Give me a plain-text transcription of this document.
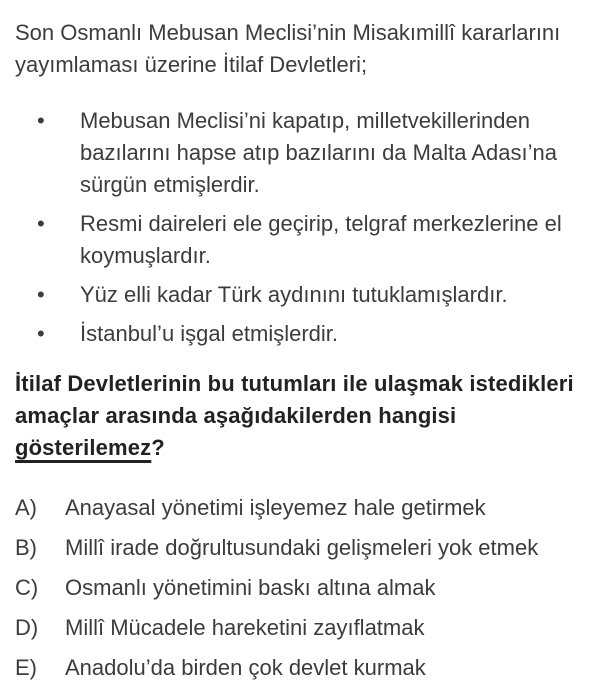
Son Osmanlı Mebusan Meclisi’nin Misakımillî kararlarını
yayımlaması üzerine İtilaf Devletleri;

•	Mebusan Meclisi’ni kapatıp, milletvekillerinden
bazılarını hapse atıp bazılarını da Malta Adası’na
sürgün etmişlerdir.
•	Resmi daireleri ele geçirip, telgraf merkezlerine el
koymuşlardır.
•	Yüz elli kadar Türk aydınını tutuklamışlardır.
•	İstanbul’u işgal etmişlerdir.

İtilaf Devletlerinin bu tutumları ile ulaşmak istedikleri
amaçlar arasında aşağıdakilerden hangisi
gösterilemez?

A)	Anayasal yönetimi işleyemez hale getirmek
B)	Millî irade doğrultusundaki gelişmeleri yok etmek
C)	Osmanlı yönetimini baskı altına almak
D)	Millî Mücadele hareketini zayıflatmak
E)	Anadolu’da birden çok devlet kurmak
